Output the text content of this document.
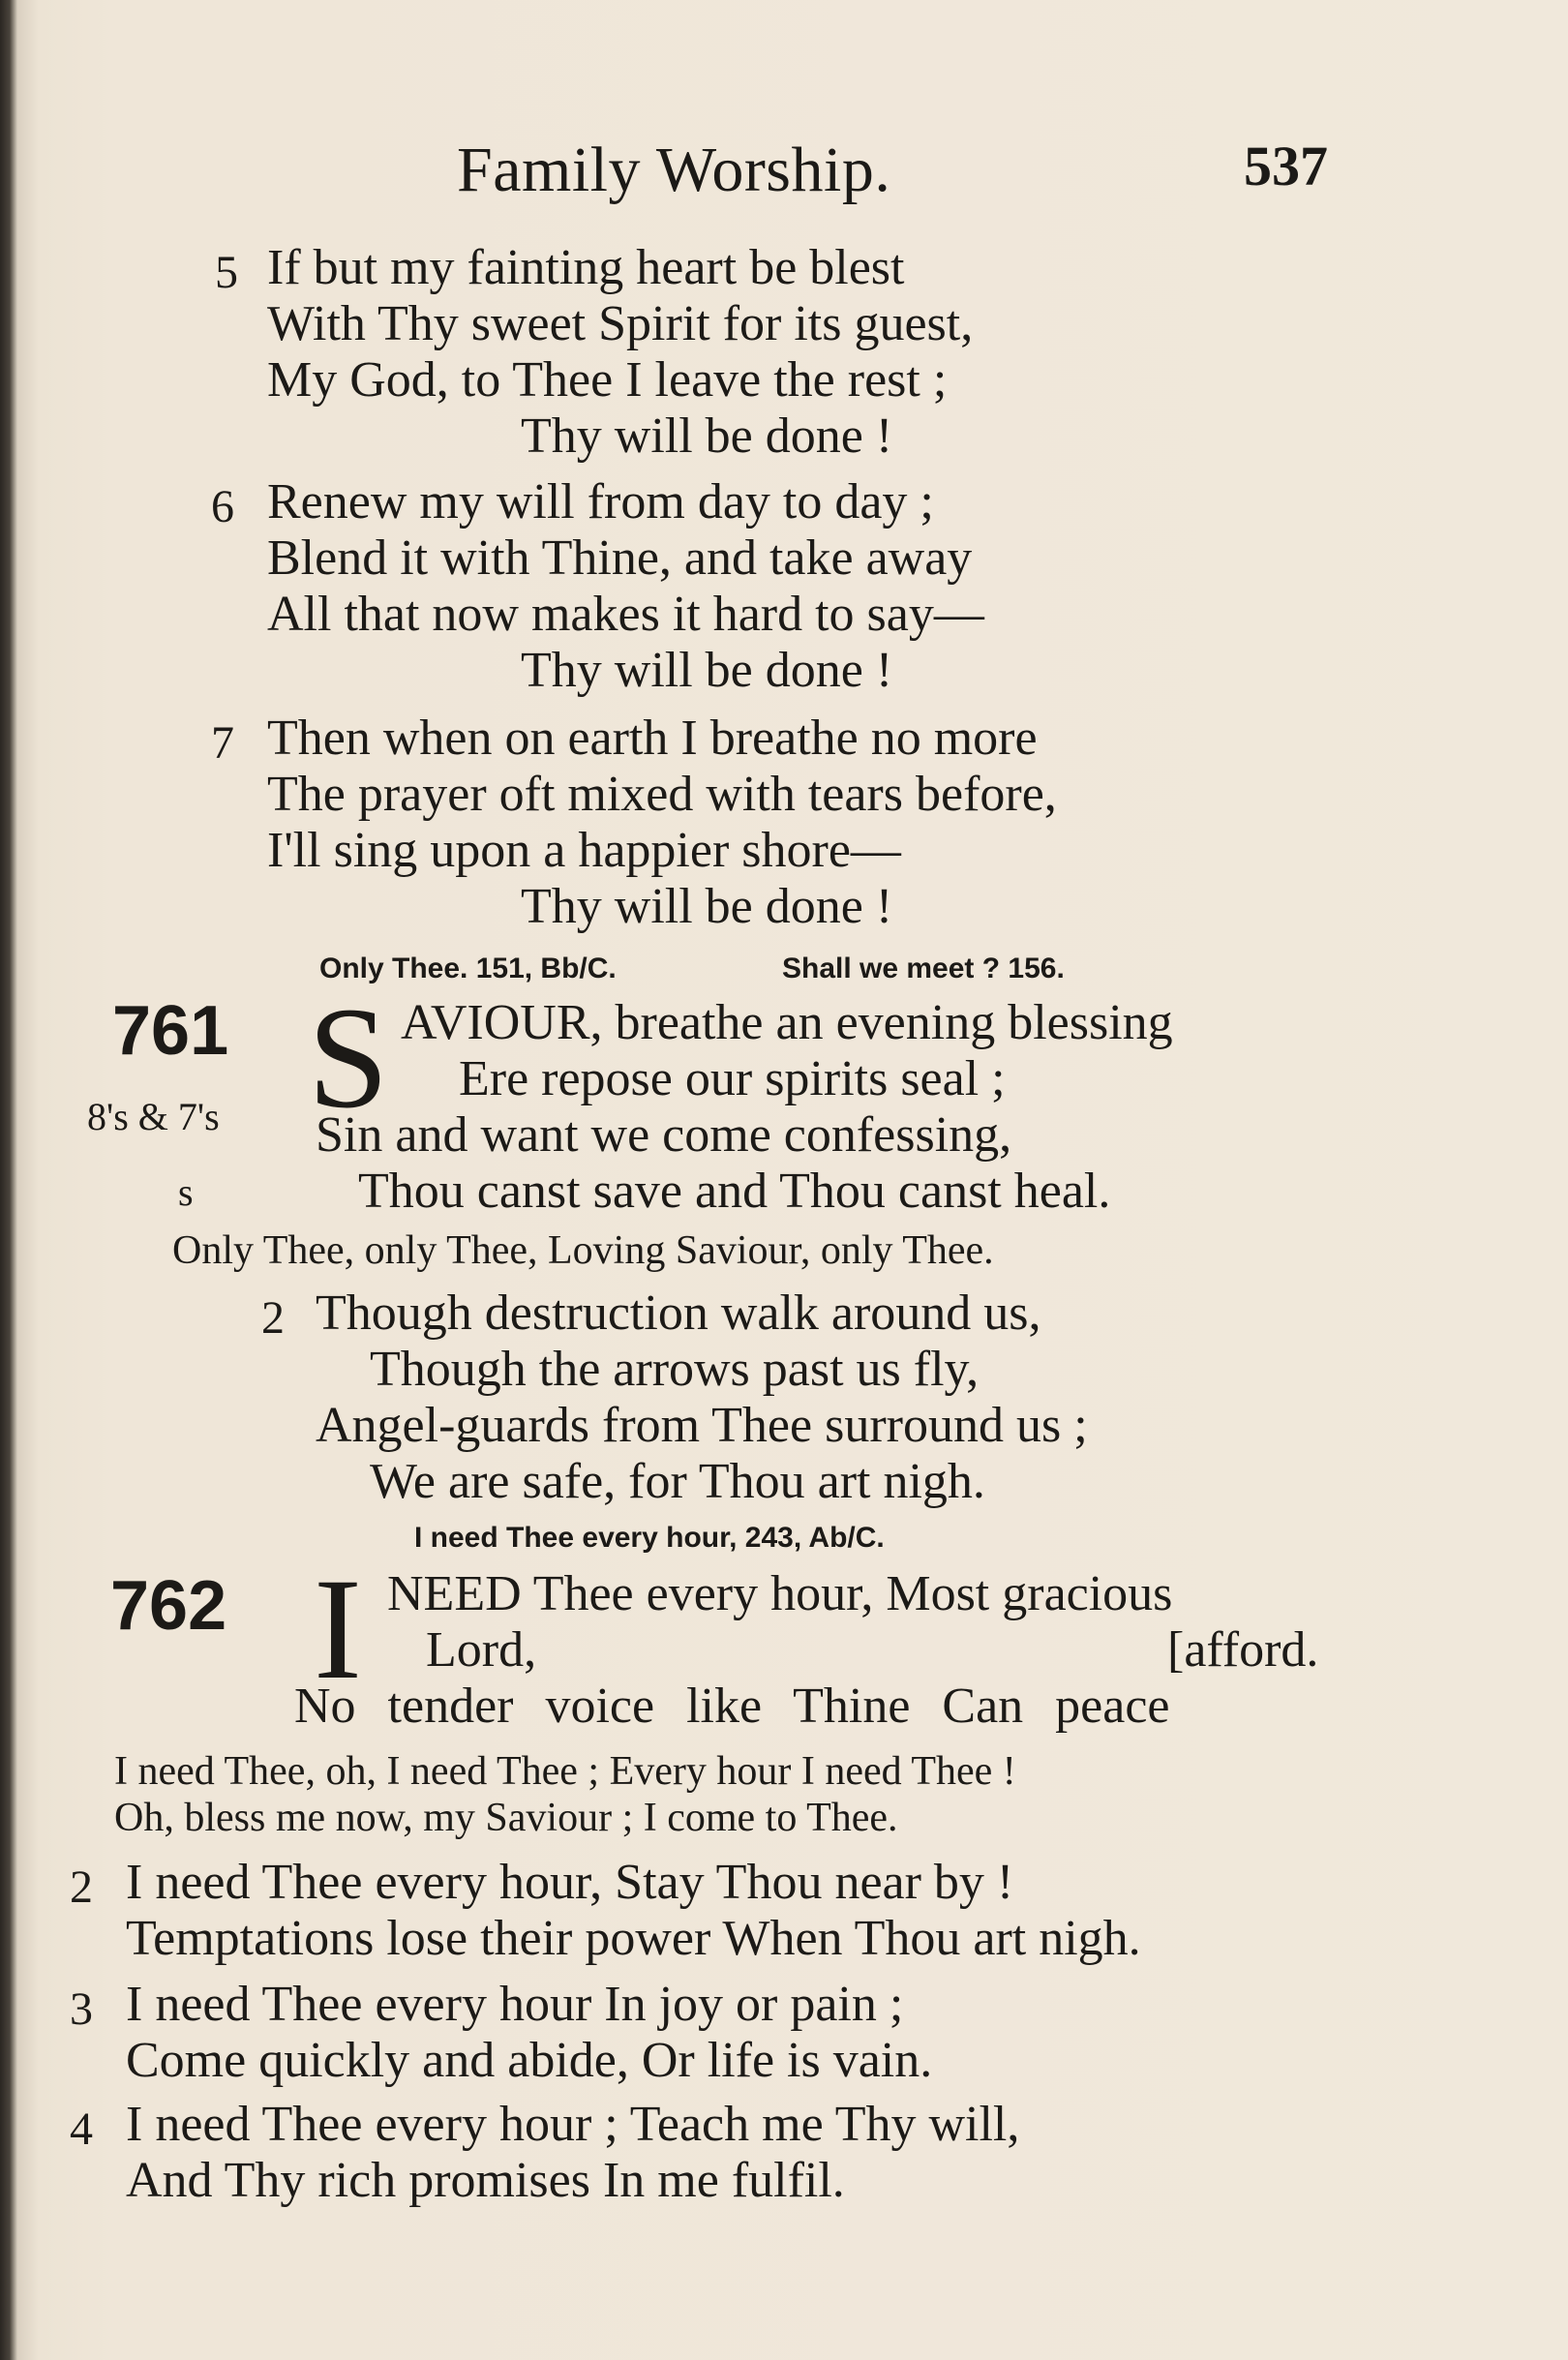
Family Worship.	537
5 If but my fainting heart be blest
With Thy sweet Spirit for its guest,
My God, to Thee I leave the rest ;
Thy will be done !
6 Renew my will from day to day ;
Blend it with Thine, and take away
All that now makes it hard to say—
Thy will be done !
7 Then when on earth I breathe no more
The prayer oft mixed with tears before,
I'll sing upon a happier shore—
Thy will be done !
Only Thee. 151, Bb/C.	Shall we meet ? 156.
761
8's & 7's
s
S AVIOUR, breathe an evening blessing
Ere repose our spirits seal ;
Sin and want we come confessing,
Thou canst save and Thou canst heal.
Only Thee, only Thee, Loving Saviour, only Thee.
2 Though destruction walk around us,
Though the arrows past us fly,
Angel-guards from Thee surround us ;
We are safe, for Thou art nigh.
I need Thee every hour, 243, Ab/C.
762 I NEED Thee every hour, Most gracious
Lord,	[afford.
No tender voice like Thine Can peace
I need Thee, oh, I need Thee ; Every hour I need Thee !
Oh, bless me now, my Saviour ; I come to Thee.
2 I need Thee every hour, Stay Thou near by !
Temptations lose their power When Thou art nigh.
3 I need Thee every hour In joy or pain ;
Come quickly and abide, Or life is vain.
4 I need Thee every hour ; Teach me Thy will,
And Thy rich promises In me fulfil.
